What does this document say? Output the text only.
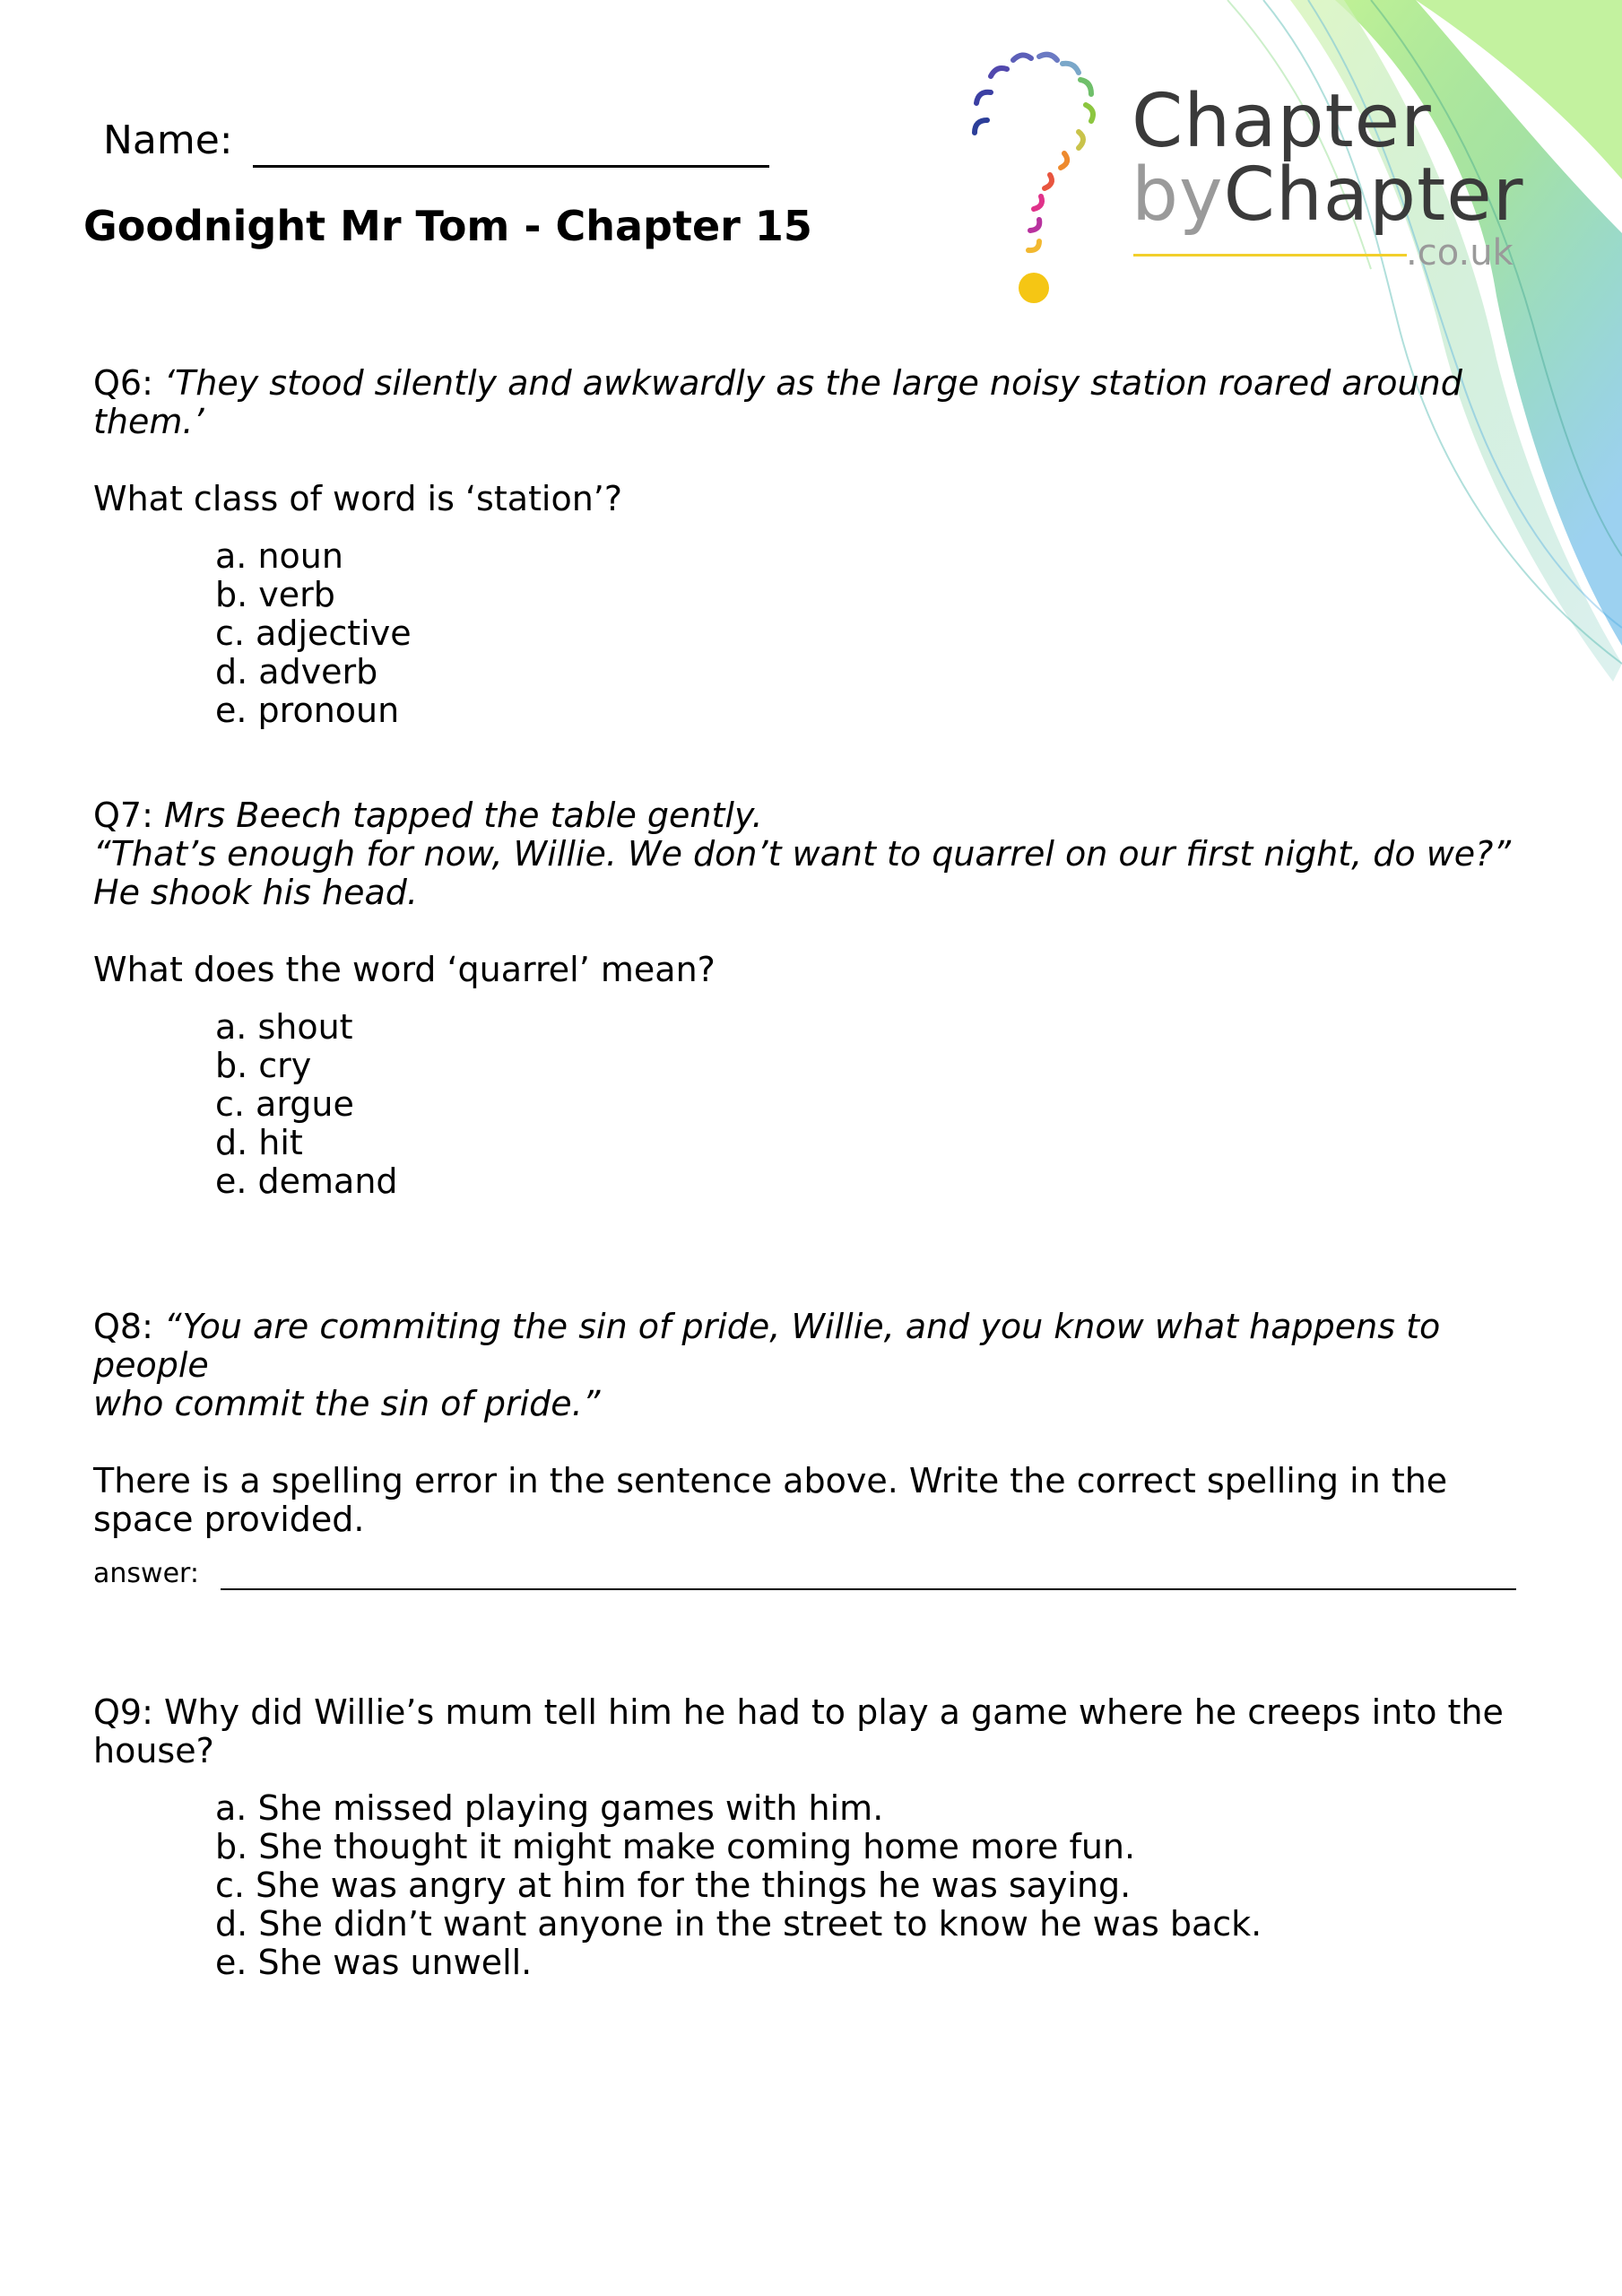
Chapter
byChapter
.co.uk
Name:
Goodnight Mr Tom - Chapter 15

Q6: ‘They stood silently and awkwardly as the large noisy station roared around them.’

What class of word is ‘station’?

a. noun
b. verb
c. adjective
d. adverb
e. pronoun

Q7: Mrs Beech tapped the table gently.

“That’s enough for now, Willie. We don’t want to quarrel on our first night, do we?”

He shook his head.

What does the word ‘quarrel’ mean?

a. shout
b. cry
c. argue
d. hit
e. demand

Q8: “You are commiting the sin of pride, Willie, and you know what happens to people

who commit the sin of pride.”

There is a spelling error in the sentence above. Write the correct spelling in the space provided.

answer:

Q9: Why did Willie’s mum tell him he had to play a game where he creeps into the house?

a. She missed playing games with him.
b. She thought it might make coming home more fun.
c. She was angry at him for the things he was saying.
d. She didn’t want anyone in the street to know he was back.
e. She was unwell.
